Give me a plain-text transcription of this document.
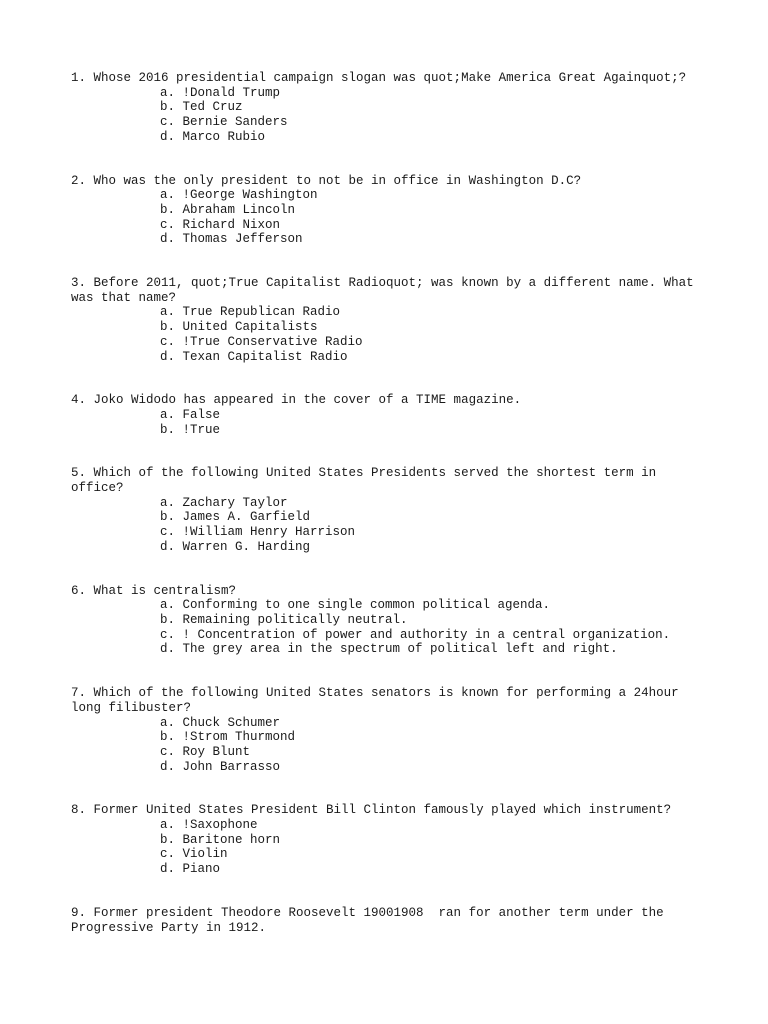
1. Whose 2016 presidential campaign slogan was quot;Make America Great Againquot;?
a. !Donald Trump
b. Ted Cruz
c. Bernie Sanders
d. Marco Rubio
2. Who was the only president to not be in office in Washington D.C?
a. !George Washington
b. Abraham Lincoln
c. Richard Nixon
d. Thomas Jefferson
3. Before 2011, quot;True Capitalist Radioquot; was known by a different name. What was that name?
a. True Republican Radio
b. United Capitalists
c. !True Conservative Radio
d. Texan Capitalist Radio
4. Joko Widodo has appeared in the cover of a TIME magazine.
a. False
b. !True
5. Which of the following United States Presidents served the shortest term in office?
a. Zachary Taylor
b. James A. Garfield
c. !William Henry Harrison
d. Warren G. Harding
6. What is centralism?
a. Conforming to one single common political agenda.
b. Remaining politically neutral.
c. ! Concentration of power and authority in a central organization.
d. The grey area in the spectrum of political left and right.
7. Which of the following United States senators is known for performing a 24hour long filibuster?
a. Chuck Schumer
b. !Strom Thurmond
c. Roy Blunt
d. John Barrasso
8. Former United States President Bill Clinton famously played which instrument?
a. !Saxophone
b. Baritone horn
c. Violin
d. Piano
9. Former president Theodore Roosevelt 19001908  ran for another term under the Progressive Party in 1912.
